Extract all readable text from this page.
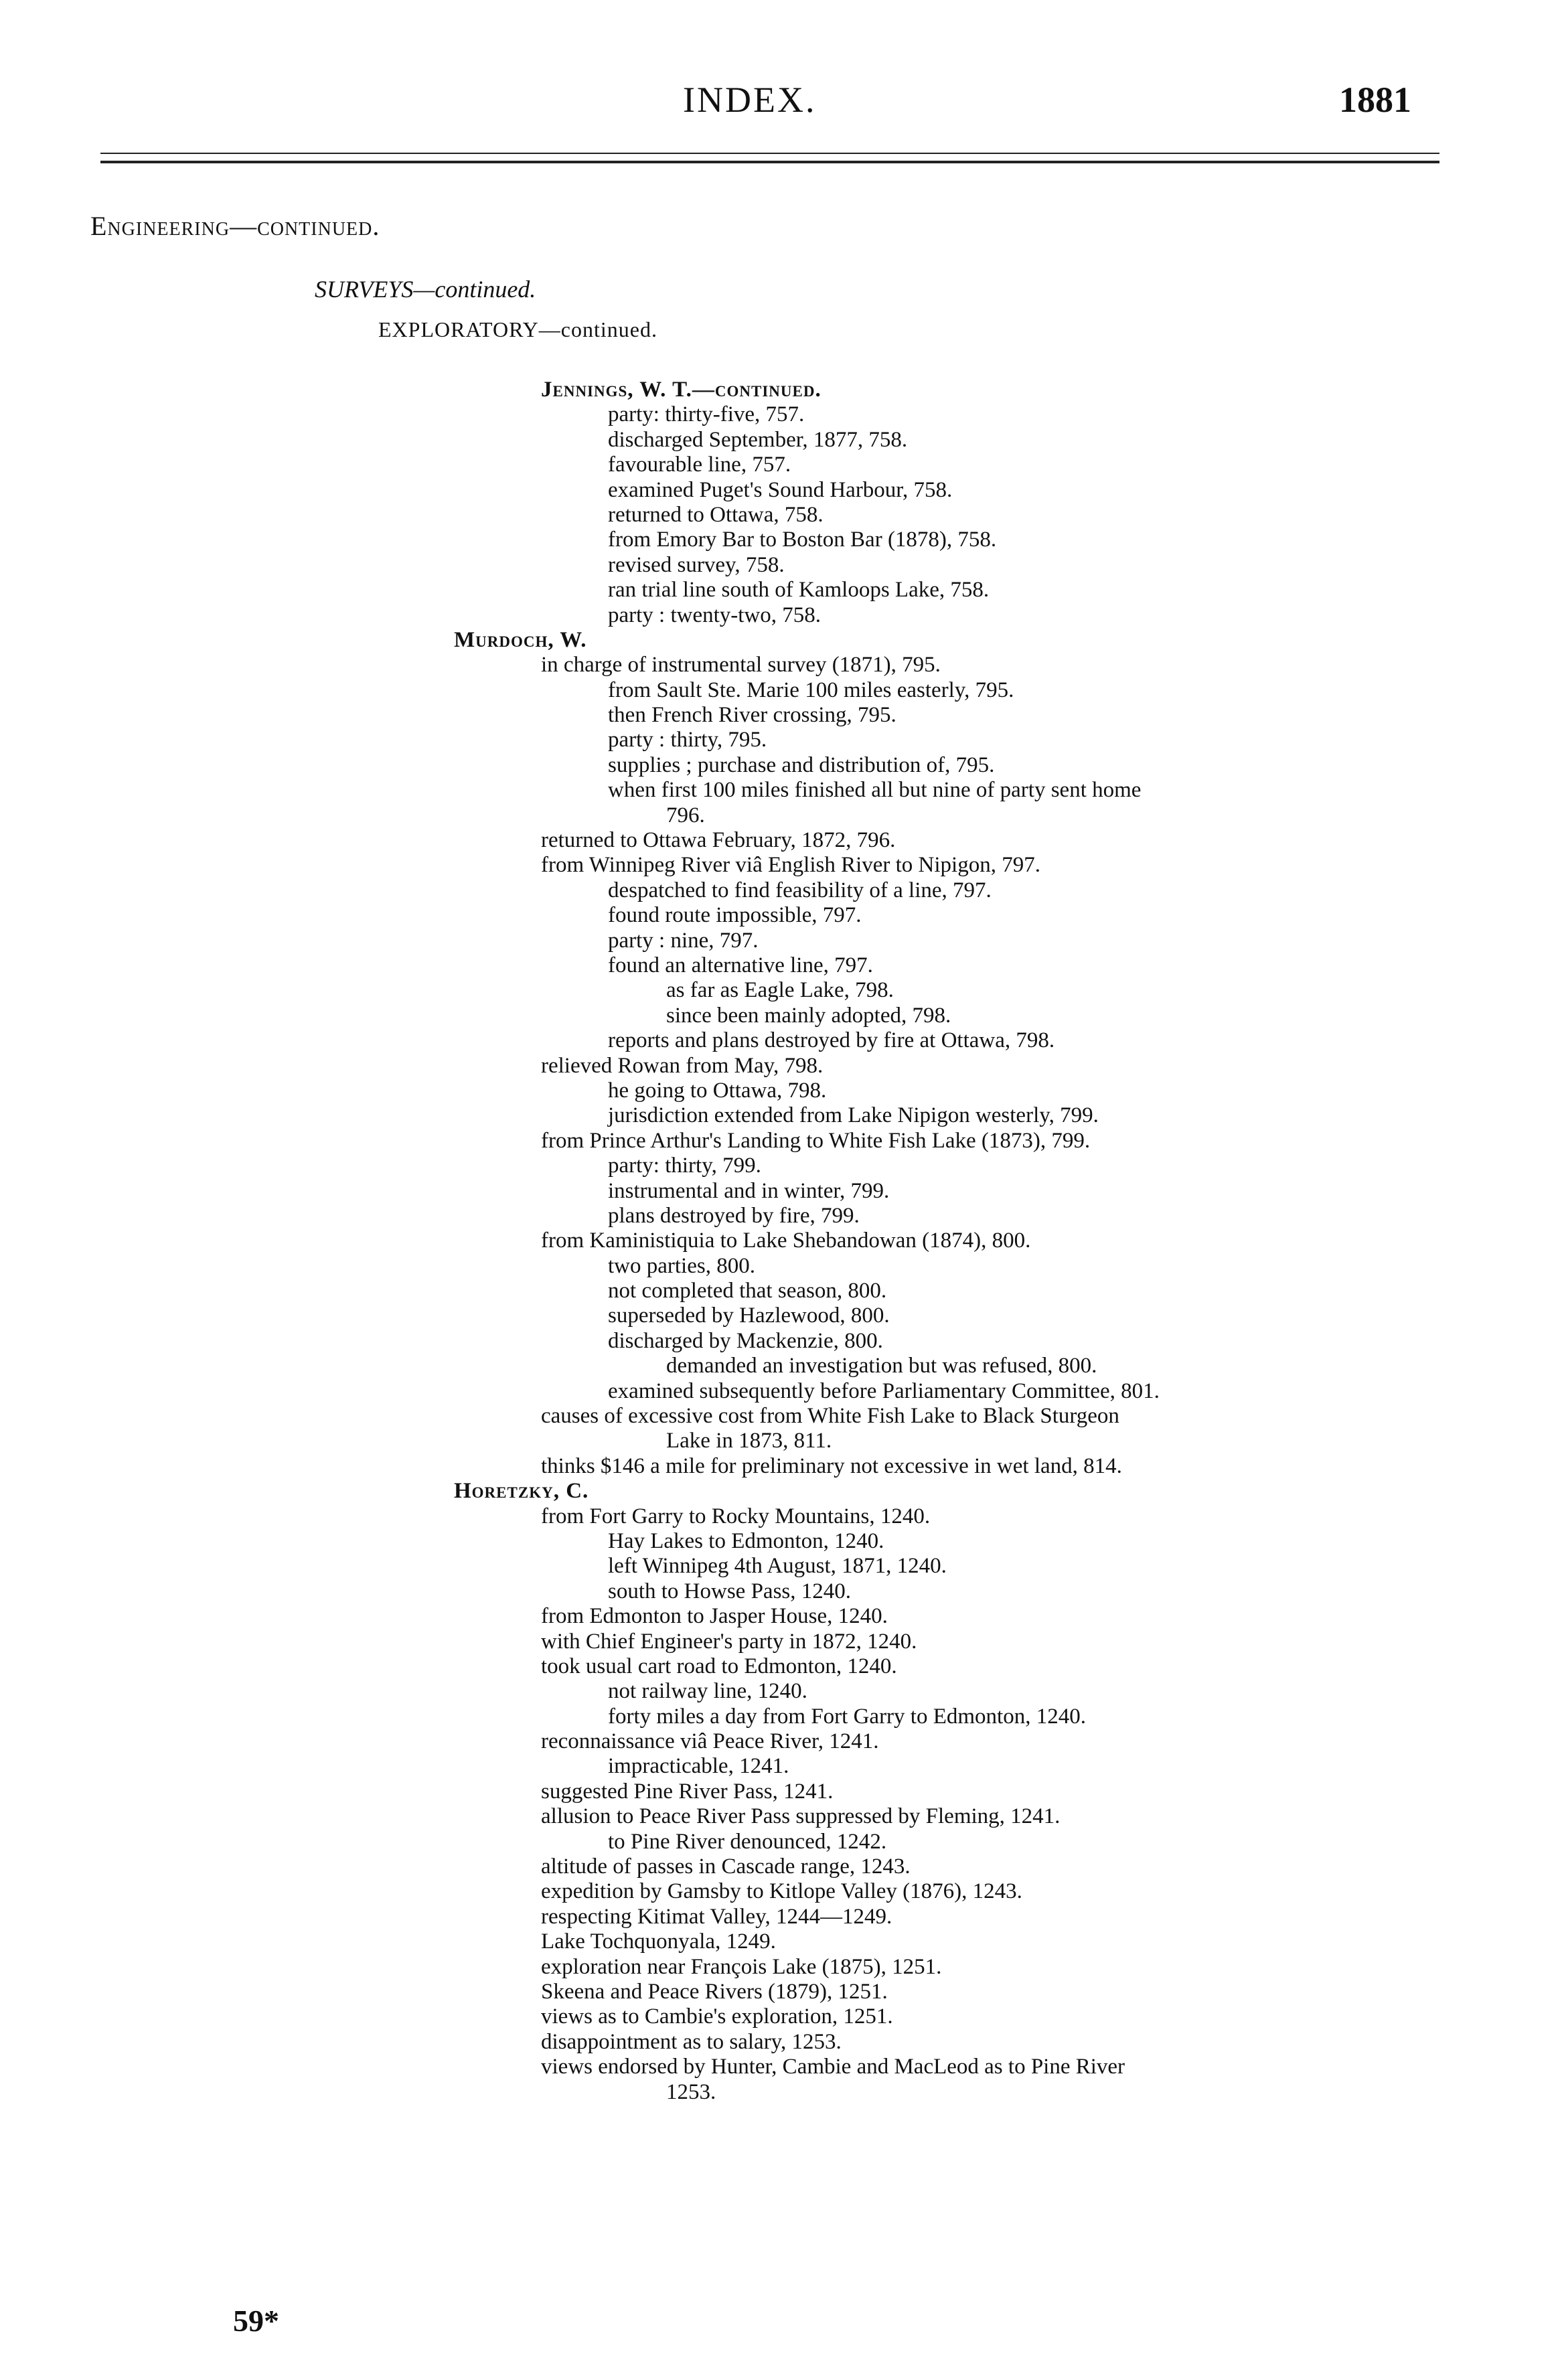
INDEX.	1881
Engineering—continued.
SURVEYS—continued.
EXPLORATORY—continued.
Jennings, W. T.—continued.
party: thirty-five, 757.
discharged September, 1877, 758.
favourable line, 757.
examined Puget's Sound Harbour, 758.
returned to Ottawa, 758.
from Emory Bar to Boston Bar (1878), 758.
revised survey, 758.
ran trial line south of Kamloops Lake, 758.
party : twenty-two, 758.
Murdoch, W.
in charge of instrumental survey (1871), 795.
from Sault Ste. Marie 100 miles easterly, 795.
then French River crossing, 795.
party : thirty, 795.
supplies ; purchase and distribution of, 795.
when first 100 miles finished all but nine of party sent home
796.
returned to Ottawa February, 1872, 796.
from Winnipeg River viâ English River to Nipigon, 797.
despatched to find feasibility of a line, 797.
found route impossible, 797.
party : nine, 797.
found an alternative line, 797.
as far as Eagle Lake, 798.
since been mainly adopted, 798.
reports and plans destroyed by fire at Ottawa, 798.
relieved Rowan from May, 798.
he going to Ottawa, 798.
jurisdiction extended from Lake Nipigon westerly, 799.
from Prince Arthur's Landing to White Fish Lake (1873), 799.
party: thirty, 799.
instrumental and in winter, 799.
plans destroyed by fire, 799.
from Kaministiquia to Lake Shebandowan (1874), 800.
two parties, 800.
not completed that season, 800.
superseded by Hazlewood, 800.
discharged by Mackenzie, 800.
demanded an investigation but was refused, 800.
examined subsequently before Parliamentary Committee, 801.
causes of excessive cost from White Fish Lake to Black Sturgeon
Lake in 1873, 811.
thinks $146 a mile for preliminary not excessive in wet land, 814.
Horetzky, C.
from Fort Garry to Rocky Mountains, 1240.
Hay Lakes to Edmonton, 1240.
left Winnipeg 4th August, 1871, 1240.
south to Howse Pass, 1240.
from Edmonton to Jasper House, 1240.
with Chief Engineer's party in 1872, 1240.
took usual cart road to Edmonton, 1240.
not railway line, 1240.
forty miles a day from Fort Garry to Edmonton, 1240.
reconnaissance viâ Peace River, 1241.
impracticable, 1241.
suggested Pine River Pass, 1241.
allusion to Peace River Pass suppressed by Fleming, 1241.
to Pine River denounced, 1242.
altitude of passes in Cascade range, 1243.
expedition by Gamsby to Kitlope Valley (1876), 1243.
respecting Kitimat Valley, 1244—1249.
Lake Tochquonyala, 1249.
exploration near François Lake (1875), 1251.
Skeena and Peace Rivers (1879), 1251.
views as to Cambie's exploration, 1251.
disappointment as to salary, 1253.
views endorsed by Hunter, Cambie and MacLeod as to Pine River
1253.
59*
